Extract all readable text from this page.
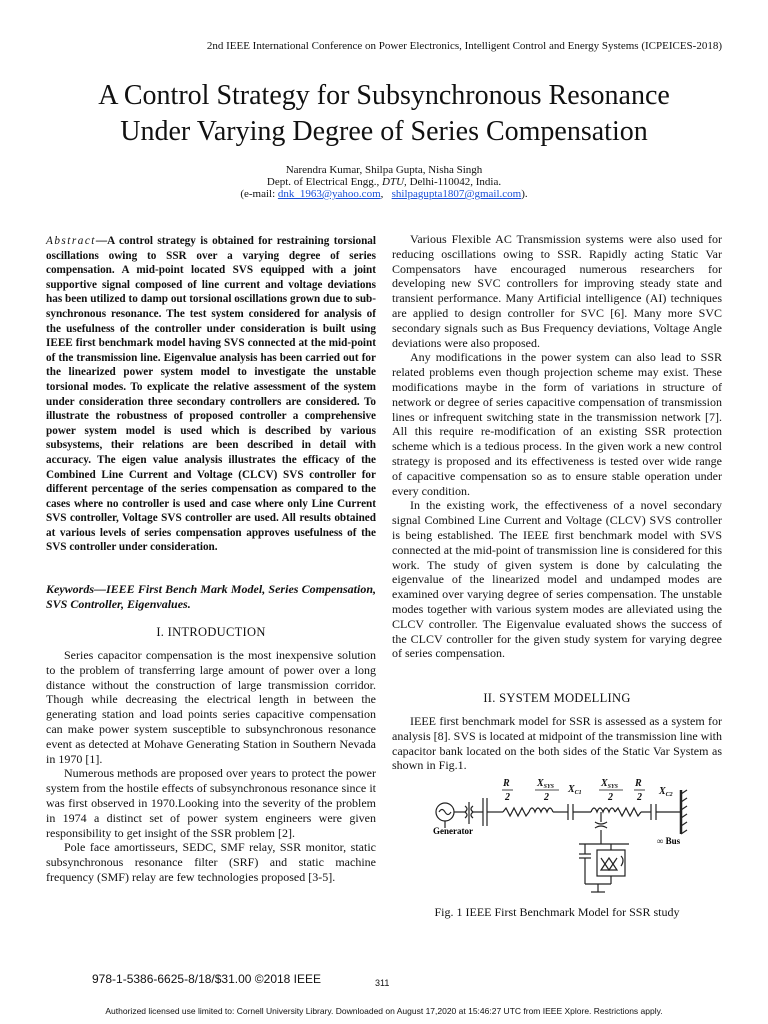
2nd IEEE International Conference on Power Electronics, Intelligent Control and Energy Systems (ICPEICES-2018)
A Control Strategy for Subsynchronous Resonance
Under Varying Degree of Series Compensation
Narendra Kumar, Shilpa Gupta, Nisha Singh
Dept. of Electrical Engg., DTU, Delhi-110042, India.
(e-mail: dnk_1963@yahoo.com,   shilpagupta1807@gmail.com).
Abstract—A control strategy is obtained for restraining torsional oscillations owing to SSR over a varying degree of series compensation. A mid-point located SVS equipped with a joint supportive signal composed of line current and voltage deviations has been utilized to damp out torsional oscillations grown due to sub-synchronous resonance. The test system considered for analysis of the usefulness of the controller under consideration is built using IEEE first benchmark model having SVS connected at the mid-point of the transmission line. Eigenvalue analysis has been carried out for the linearized power system model to investigate the unstable torsional modes. To explicate the relative assessment of the system under consideration three secondary controllers are considered. To illustrate the robustness of proposed controller a comprehensive power system model is used which is described by various subsystems, their relations are been described in detail with accuracy. The eigen value analysis illustrates the efficacy of the Combined Line Current and Voltage (CLCV) SVS controller for different percentage of the series compensation as compared to the cases where no controller is used and case where only Line Current SVS controller, Voltage SVS controller are used. All results obtained at various levels of series compensation approves usefulness of the SVS controller under consideration.
Keywords—IEEE First Bench Mark Model, Series Compensation, SVS Controller, Eigenvalues.
I. INTRODUCTION

Series capacitor compensation is the most inexpensive solution to the problem of transferring large amount of power over a long distance without the construction of large transmission corridor. Though while decreasing the electrical length in between the generating station and load points series capacitive compensation can make power system susceptible to subsynchronous resonance event as detected at Mohave Generating Station in Southern Nevada in 1970 [1].

Numerous methods are proposed over years to protect the power system from the hostile effects of subsynchronous resonance since it was first observed in 1970.Looking into the severity of the problem in 1974 a distinct set of power system engineers were given responsibility to get insight of the SSR problem [2].

Pole face amortisseurs, SEDC, SMF relay, SSR monitor, static subsynchronous resonance filter (SRF) and static machine frequency (SMF) relay are few technologies proposed [3-5].

Various Flexible AC Transmission systems were also used for reducing oscillations owing to SSR. Rapidly acting Static Var Compensators have encouraged numerous researchers for developing new SVC controllers for improving steady state and transient performance. Many Artificial intelligence (AI) techniques are applied to design controller for SVC [6]. Many more SVC secondary signals such as Bus Frequency deviations, Voltage Angle deviations were also proposed.

Any modifications in the power system can also lead to SSR related problems even though projection scheme may exist. These modifications maybe in the form of variations in structure of network or degree of series capacitive compensation of transmission lines or infrequent switching state in the transmission network [7]. All this require re-modification of an existing SSR protection scheme which is a tedious process. In the given work a new control strategy is proposed and its effectiveness is tested over wide range of capacitive compensation so as to ensure stable operation under every condition.

In the existing work, the effectiveness of a novel secondary signal Combined Line Current and Voltage (CLCV) SVS controller is being established. The IEEE first benchmark model with SVS connected at the mid-point of transmission line is considered for this work. The study of given system is done by calculating the eigenvalue of the linearized model and undamped modes are examined over varying degree of series compensation. The unstable modes together with various system modes are alleviated using the CLCV controller. The Eigenvalue evaluated shows the success of the CLCV controller for the given study system for varying degree of series compensation.

II. SYSTEM MODELLING

IEEE first benchmark model for SSR is assessed as a system for analysis [8]. SVS is located at midpoint of the transmission line with capacitor bank located on the both sides of the Static Var System as shown in Fig.1.

R
2
$X_{SYS}$
2
$X_{C1}$
$X_{SYS}$
2
R
2
$X_{C2}$
Generator
∞ Bus
Fig. 1 IEEE First Benchmark Model for SSR study
978-1-5386-6625-8/18/$31.00 ©2018 IEEE	311
Authorized licensed use limited to: Cornell University Library. Downloaded on August 17,2020 at 15:46:27 UTC from IEEE Xplore. Restrictions apply.
